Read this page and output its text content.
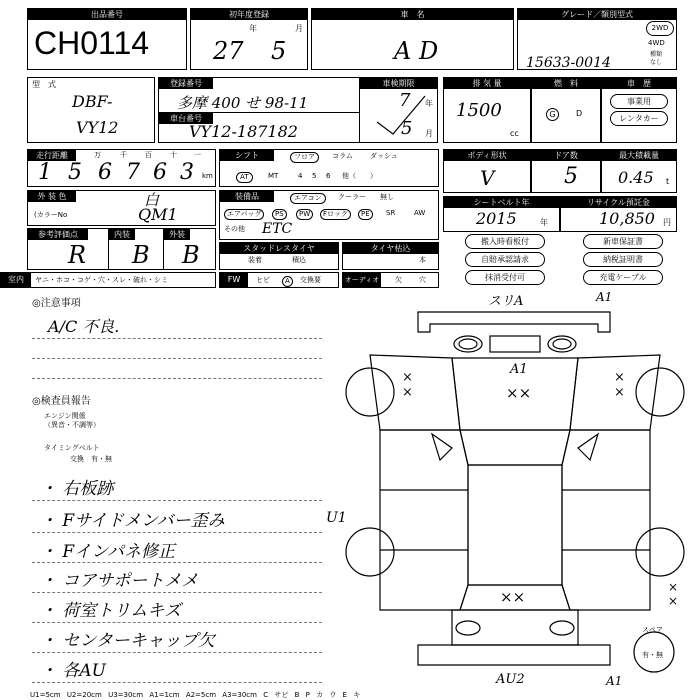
出品番号
CH0114
初年度登録
年	月
27 5
車　名
A D
グレード／類別型式
15633-0014
2WD
4WD
種類
なし
型　式
DBF-
VY12
登録番号
多摩 400 せ 98-11
車台番号
VY12-187182
車検期限
7 年
5 月
排 気 量
1500
cc
燃　料
G	D
車　歴
事業用
レンタカー
走行距離	万	千	百	十 一
1 5 6 7 6 3 km
シフト	フロア	コラム ダッシュ
AT	MT	4 5 6 他（　　）
ボディ形状
V
ドア数
5
最大積載量
0.45 t
外 装 色	白
(カラーNo	QM1
装備品	エアコン	クーラー 無し
エアバッグ	PS	PW	Fロック	PE	SR	AW
その他 ETC
シートベルト年
2015	年
リサイクル預託金
10,850 円
参考評価点
R
内装
B
外装
B	スタッドレスタイヤ
装着	積込
タイヤ枯込
本
室内	ヤニ・ホコ・コゲ・穴・スレ・破れ・シミ	FW	ヒビ	A	交換要	オーディオ 欠 穴
搬入時看板付	新車保証書
自賠承認請求	納税証明書
抹消受付可	充電ケーブル
◎注意事項
A/C 不良.
◎検査員報告
エンジン関係
（異音・不調等）
タイミングベルト
交換　有・無
・ 右板跡
・ Fサイドメンバー歪み
・ Fインパネ修正
・ コアサポートメメ
・ 荷室トリムキズ
・ センターキャップ欠
・ 各AU
スリA	A1
A1
××
××	××
U1
××	××
AU2	A1
スペア
有・無
U1=5cm U2=20cm U3=30cm A1=1cm A2=5cm A3=30cm C サビ B P カ ウ E キ
